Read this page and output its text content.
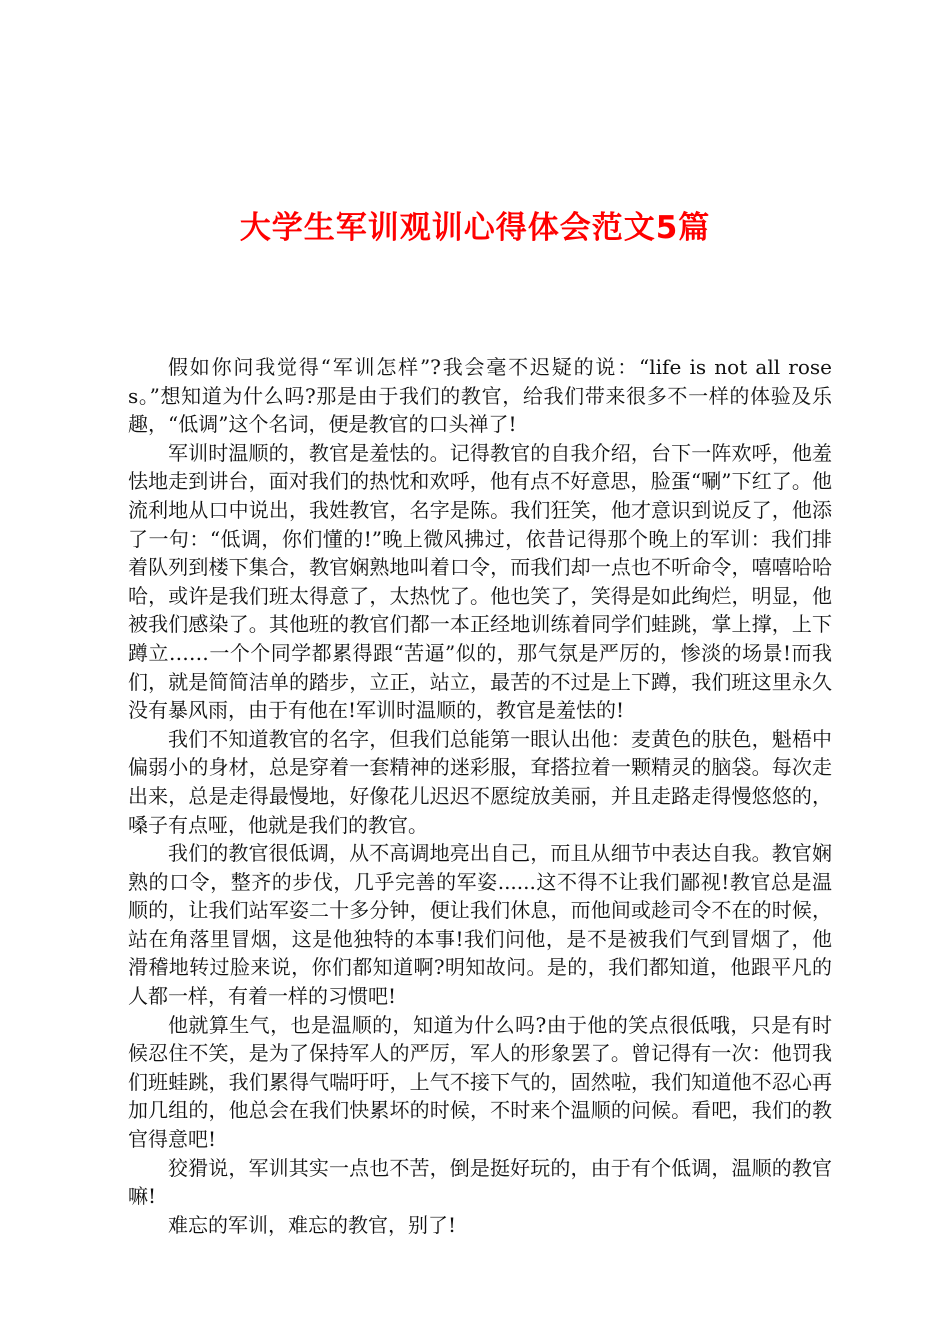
大学生军训观训心得体会范文5篇

假如你问我觉得“军训怎样”?我会毫不迟疑的说：“life is not all roses。”想知道为什么吗?那是由于我们的教官，给我们带来很多不一样的体验及乐趣，“低调”这个名词，便是教官的口头禅了!

军训时温顺的，教官是羞怯的。记得教官的自我介绍，台下一阵欢呼，他羞怯地走到讲台，面对我们的热忱和欢呼，他有点不好意思，脸蛋“唰”下红了。他流利地从口中说出，我姓教官，名字是陈。我们狂笑，他才意识到说反了，他添了一句：“低调，你们懂的!”晚上微风拂过，依昔记得那个晚上的军训：我们排着队列到楼下集合，教官娴熟地叫着口令，而我们却一点也不听命令，嘻嘻哈哈哈，或许是我们班太得意了，太热忱了。他也笑了，笑得是如此绚烂，明显，他被我们感染了。其他班的教官们都一本正经地训练着同学们蛙跳，掌上撑，上下蹲立……一个个同学都累得跟“苦逼”似的，那气氛是严厉的，惨淡的场景!而我们，就是简简洁单的踏步，立正，站立，最苦的不过是上下蹲，我们班这里永久没有暴风雨，由于有他在!军训时温顺的，教官是羞怯的!

我们不知道教官的名字，但我们总能第一眼认出他：麦黄色的肤色，魁梧中偏弱小的身材，总是穿着一套精神的迷彩服，耷搭拉着一颗精灵的脑袋。每次走出来，总是走得最慢地，好像花儿迟迟不愿绽放美丽，并且走路走得慢悠悠的，嗓子有点哑，他就是我们的教官。

我们的教官很低调，从不高调地亮出自己，而且从细节中表达自我。教官娴熟的口令，整齐的步伐，几乎完善的军姿......这不得不让我们鄙视!教官总是温顺的，让我们站军姿二十多分钟，便让我们休息，而他间或趁司令不在的时候，站在角落里冒烟，这是他独特的本事!我们问他，是不是被我们气到冒烟了，他滑稽地转过脸来说，你们都知道啊?明知故问。是的，我们都知道，他跟平凡的人都一样，有着一样的习惯吧!

他就算生气，也是温顺的，知道为什么吗?由于他的笑点很低哦，只是有时候忍住不笑，是为了保持军人的严厉，军人的形象罢了。曾记得有一次：他罚我们班蛙跳，我们累得气喘吁吁，上气不接下气的，固然啦，我们知道他不忍心再加几组的，他总会在我们快累坏的时候，不时来个温顺的问候。看吧，我们的教官得意吧!

狡猾说，军训其实一点也不苦，倒是挺好玩的，由于有个低调，温顺的教官嘛!

难忘的军训，难忘的教官，别了!
